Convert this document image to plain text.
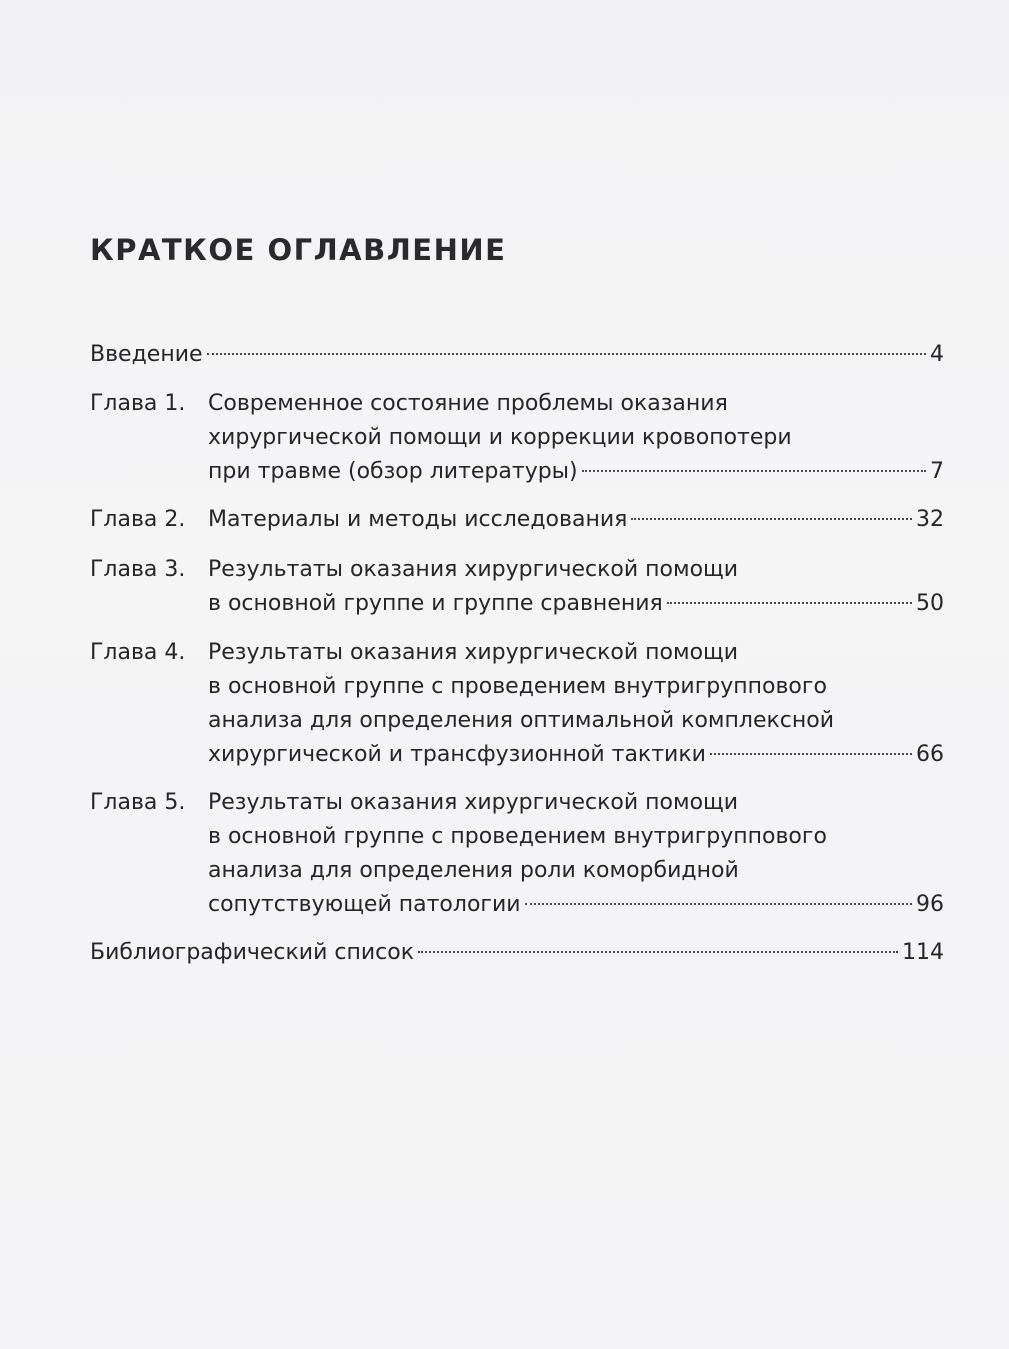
КРАТКОЕ ОГЛАВЛЕНИЕ
Введение	4
Глава 1. Современное состояние проблемы оказания
хирургической помощи и коррекции кровопотери
при травме (обзор литературы)	7
Глава 2. Материалы и методы исследования	32
Глава 3. Результаты оказания хирургической помощи
в основной группе и группе сравнения	50
Глава 4. Результаты оказания хирургической помощи
в основной группе с проведением внутригруппового
анализа для определения оптимальной комплексной
хирургической и трансфузионной тактики	66
Глава 5. Результаты оказания хирургической помощи
в основной группе с проведением внутригруппового
анализа для определения роли коморбидной
сопутствующей патологии	96
Библиографический список	114
